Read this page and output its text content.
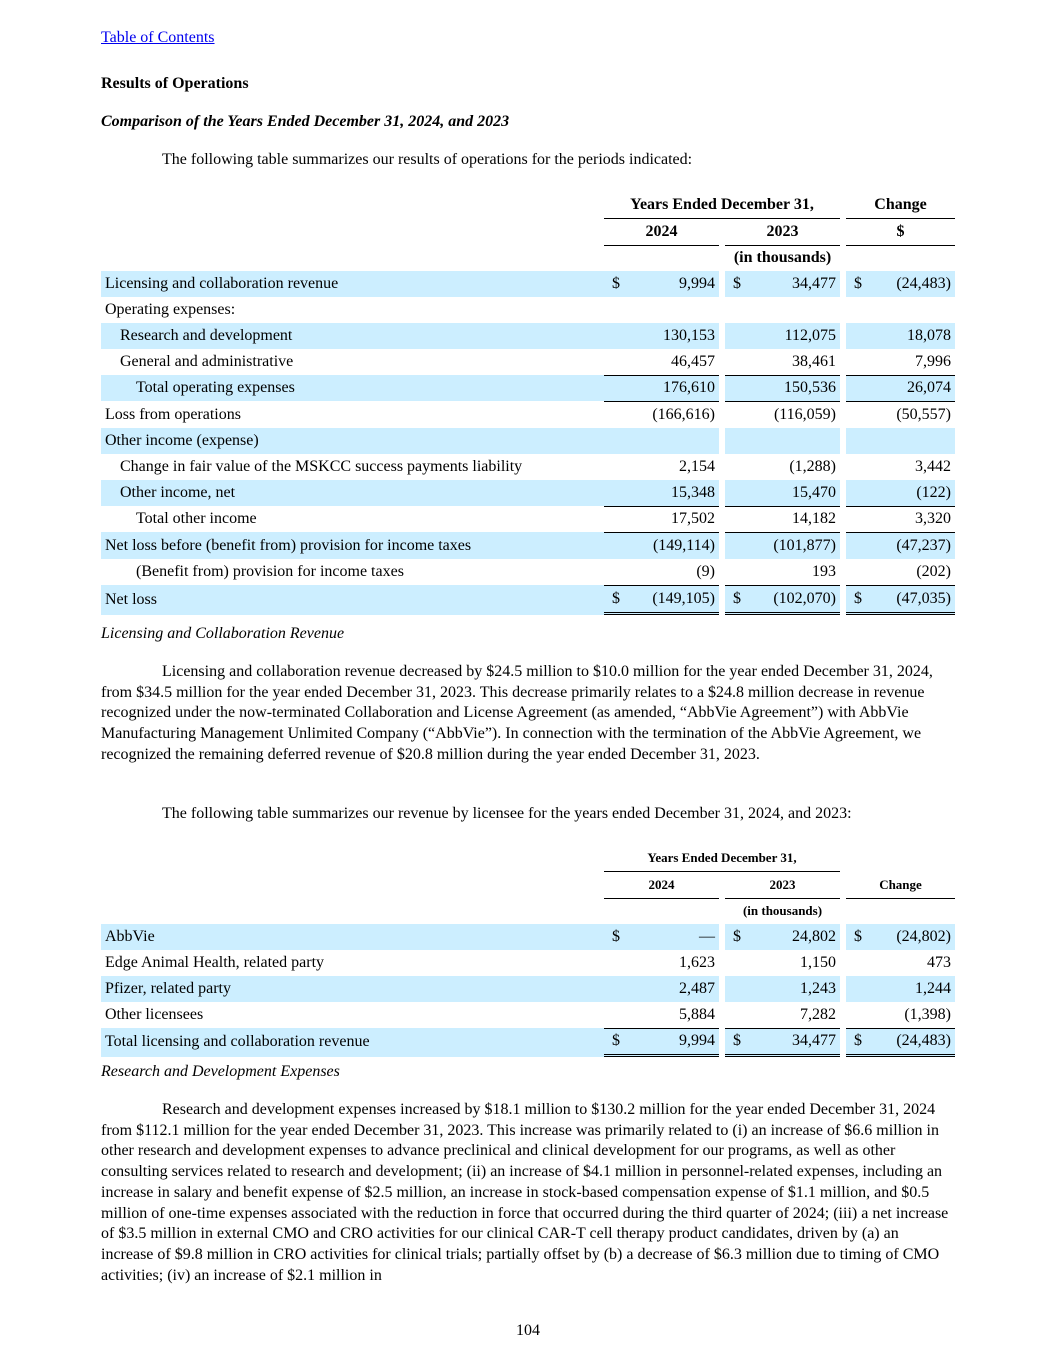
Table of Contents
Results of Operations
Comparison of the Years Ended December 31, 2024, and 2023
The following table summarizes our results of operations for the periods indicated:
	Years Ended December 31,						Change	
	2024			2023			$	
				(in thousands)				
Licensing and collaboration revenue	$	9,994		$	34,477		$	(24,483)
Operating expenses:								
Research and development		130,153			112,075			18,078
General and administrative		46,457			38,461			7,996
Total operating expenses		176,610			150,536			26,074
Loss from operations		(166,616)			(116,059)			(50,557)
Other income (expense)								
Change in fair value of the MSKCC success payments liability		2,154			(1,288)			3,442
Other income, net		15,348			15,470			(122)
Total other income		17,502			14,182			3,320
Net loss before (benefit from) provision for income taxes		(149,114)			(101,877)			(47,237)
(Benefit from) provision for income taxes		(9)			193			(202)
Net loss	$	(149,105)		$	(102,070)		$	(47,035)
Licensing and Collaboration Revenue
Licensing and collaboration revenue decreased by $24.5 million to $10.0 million for the year ended December 31, 2024, from $34.5 million for the year ended December 31, 2023. This decrease primarily relates to a $24.8 million decrease in revenue recognized under the now-terminated Collaboration and License Agreement (as amended, “AbbVie Agreement”) with AbbVie Manufacturing Management Unlimited Company (“AbbVie”). In connection with the termination of the AbbVie Agreement, we recognized the remaining deferred revenue of $20.8 million during the year ended December 31, 2023.
The following table summarizes our revenue by licensee for the years ended December 31, 2024, and 2023:
	Years Ended December 31,							
	2024			2023			Change	
				(in thousands)				
AbbVie	$	—		$	24,802		$	(24,802)
Edge Animal Health, related party		1,623			1,150			473
Pfizer, related party		2,487			1,243			1,244
Other licensees		5,884			7,282			(1,398)
Total licensing and collaboration revenue	$	9,994		$	34,477		$	(24,483)
Research and Development Expenses
Research and development expenses increased by $18.1 million to $130.2 million for the year ended December 31, 2024 from $112.1 million for the year ended December 31, 2023. This increase was primarily related to (i) an increase of $6.6 million in other research and development expenses to advance preclinical and clinical development for our programs, as well as other consulting services related to research and development; (ii) an increase of $4.1 million in personnel-related expenses, including an increase in salary and benefit expense of $2.5 million, an increase in stock-based compensation expense of $1.1 million, and $0.5 million of one-time expenses associated with the reduction in force that occurred during the third quarter of 2024; (iii) a net increase of $3.5 million in external CMO and CRO activities for our clinical CAR-T cell therapy product candidates, driven by (a) an increase of $9.8 million in CRO activities for clinical trials; partially offset by (b) a decrease of $6.3 million due to timing of CMO activities; (iv) an increase of $2.1 million in
104
